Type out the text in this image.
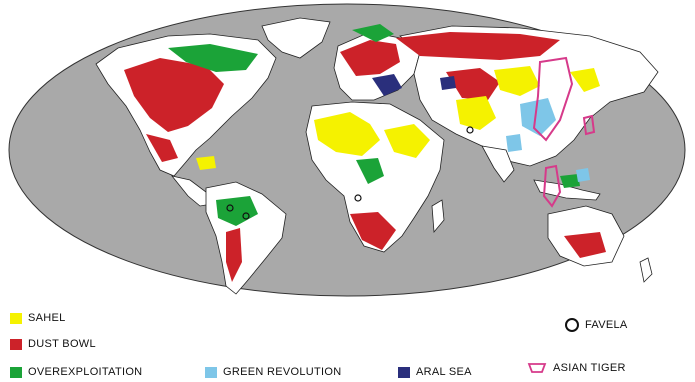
SAHEL
DUST BOWL
OVEREXPLOITATION	GREEN REVOLUTION	ARAL SEA
FAVELA
ASIAN TIGER
